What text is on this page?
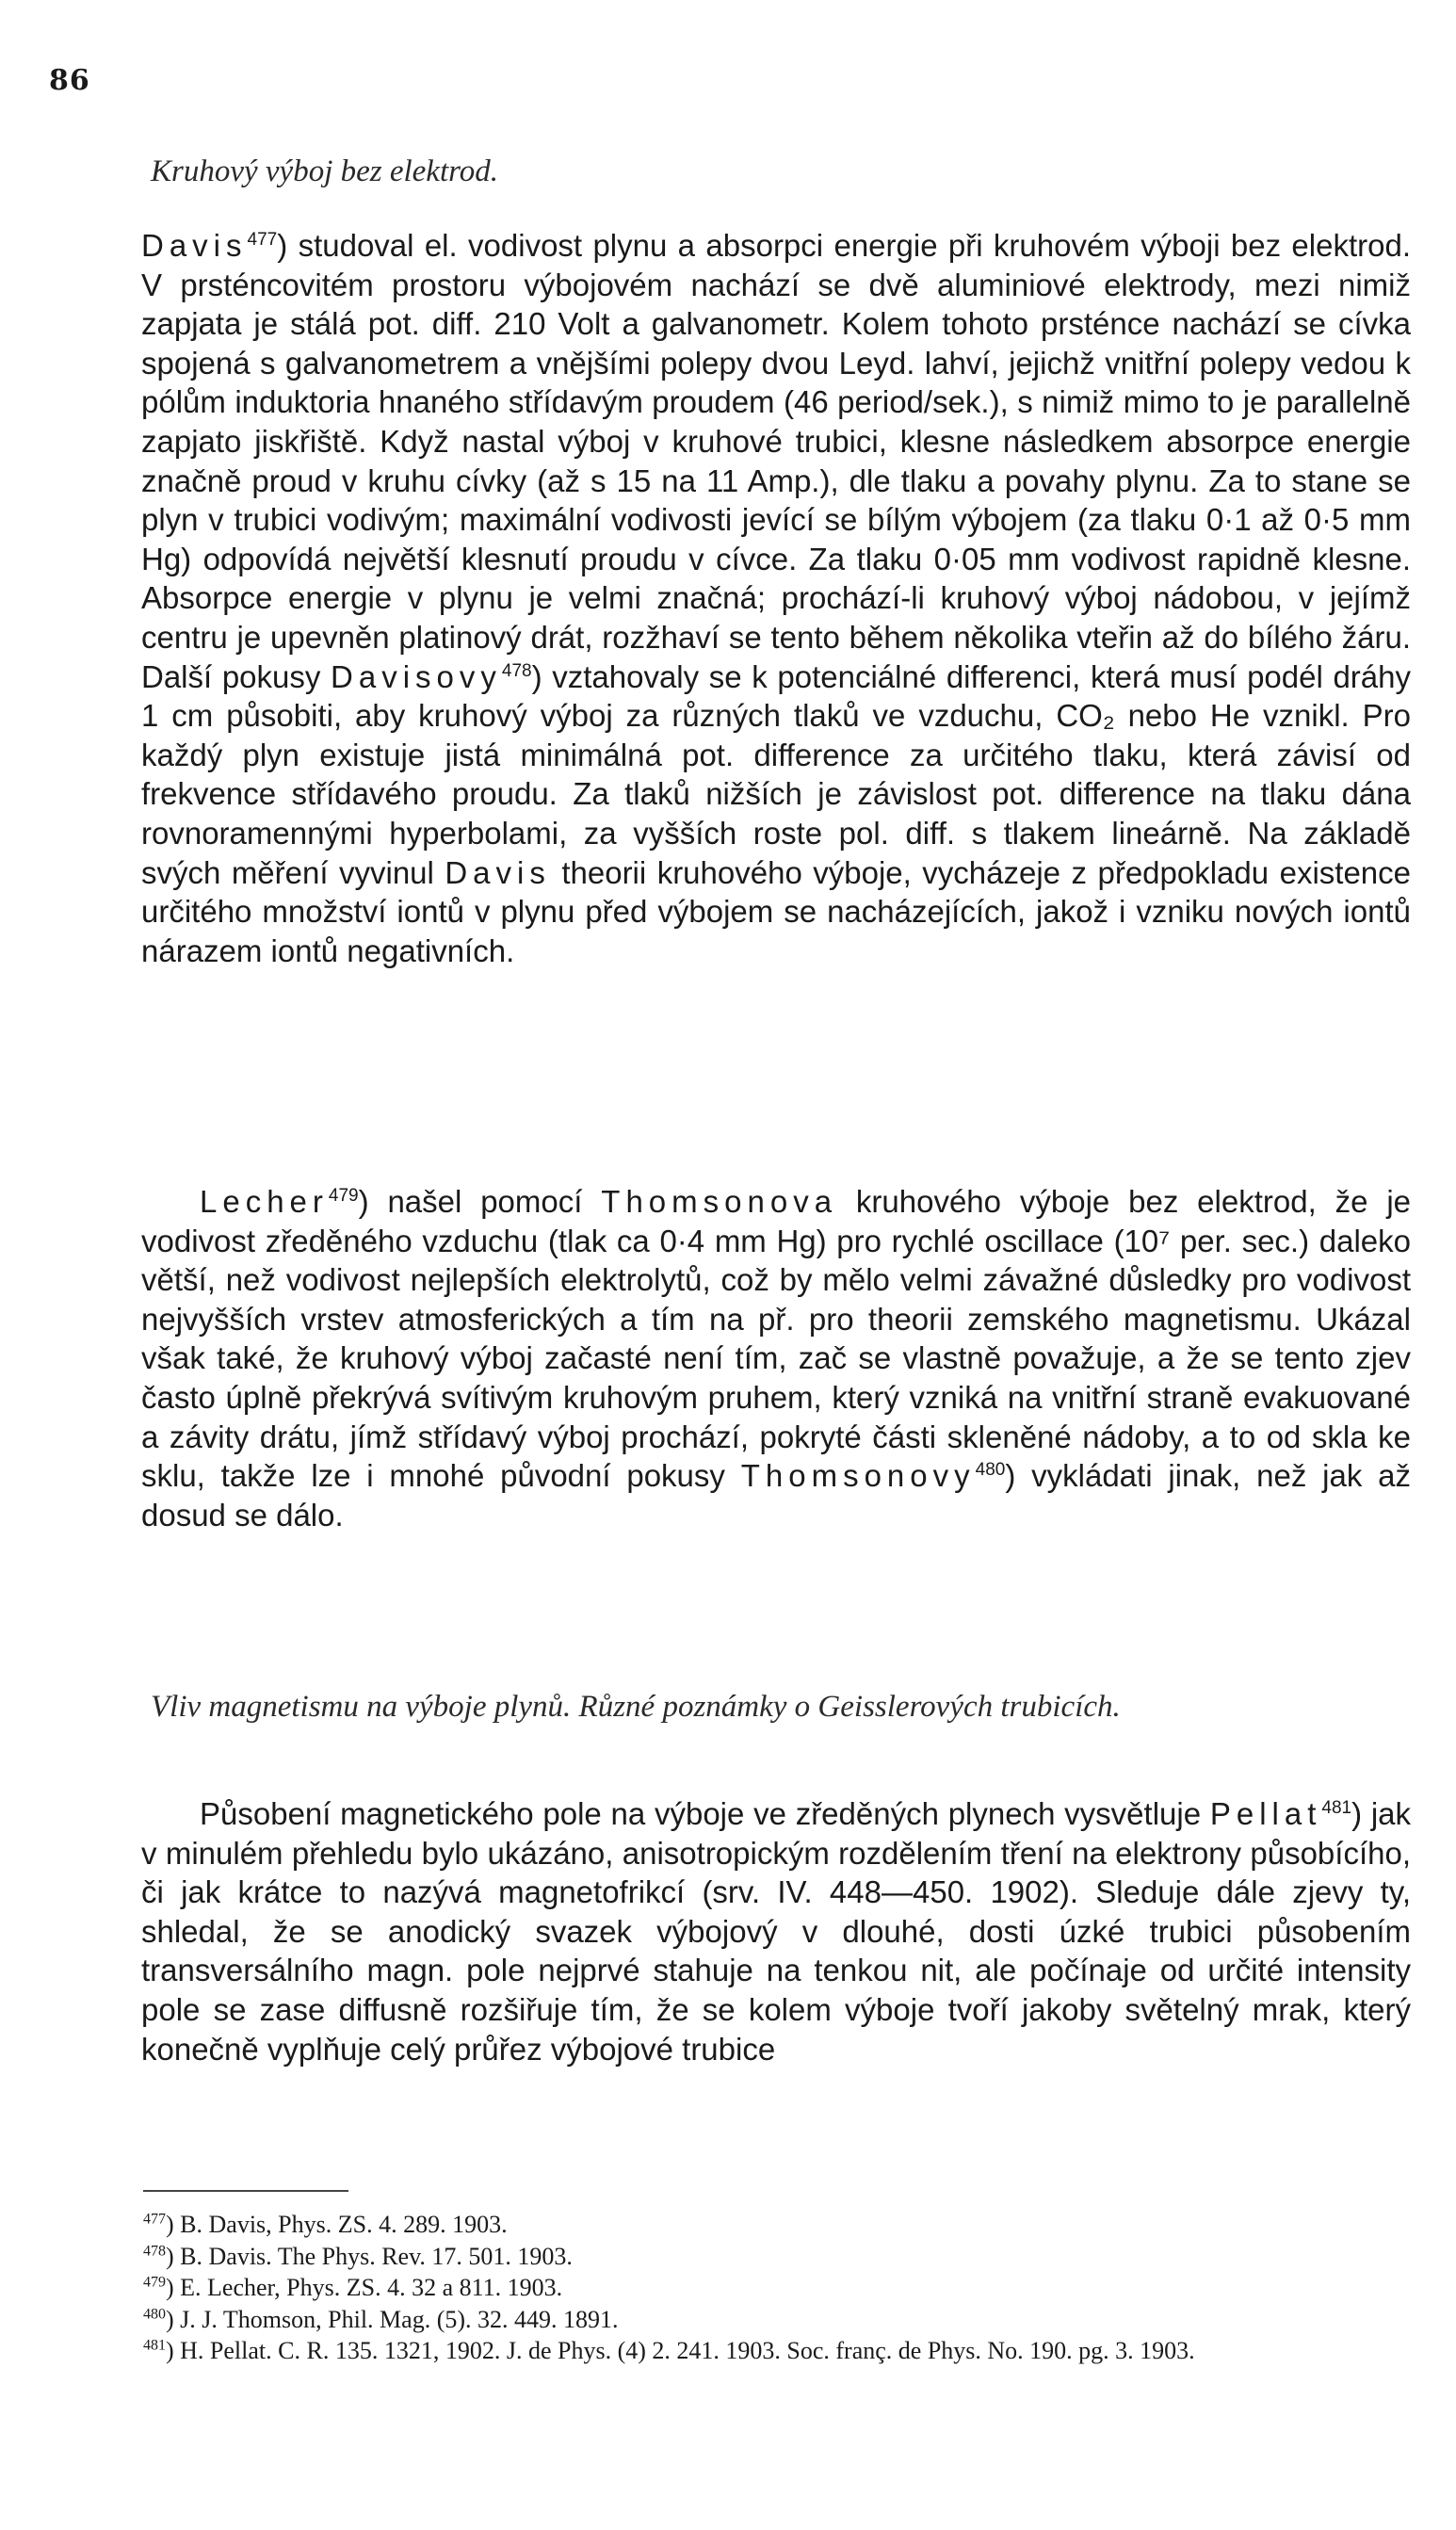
86
Kruhový výboj bez elektrod.

Davis$^{477}$) studoval el. vodivost plynu a absorpci energie při kruhovém výboji bez elektrod. V prsténcovitém prostoru výbojovém nachází se dvě aluminiové elektrody, mezi nimiž zapjata je stálá pot. diff. 210 Volt a galvanometr. Kolem tohoto prsténce nachází se cívka spojená s galvanometrem a vnějšími polepy dvou Leyd. lahví, jejichž vnitřní polepy vedou k pólům induktoria hnaného střídavým proudem (46 period/sek.), s nimiž mimo to je parallelně zapjato jiskřiště. Když nastal výboj v kruhové trubici, klesne následkem absorpce energie značně proud v kruhu cívky (až s 15 na 11 Amp.), dle tlaku a povahy plynu. Za to stane se plyn v trubici vodivým; maximální vodivosti jevící se bílým výbojem (za tlaku 0·1 až 0·5 mm Hg) odpovídá největší klesnutí proudu v cívce. Za tlaku 0·05 mm vodivost rapidně klesne. Absorpce energie v plynu je velmi značná; prochází-li kruhový výboj nádobou, v jejímž centru je upevněn platinový drát, rozžhaví se tento během několika vteřin až do bílého žáru. Další pokusy Davisovy$^{478}$) vztahovaly se k potenciálné differenci, která musí podél dráhy 1 cm působiti, aby kruhový výboj za různých tlaků ve vzduchu, CO₂ nebo He vznikl. Pro každý plyn existuje jistá minimálná pot. difference za určitého tlaku, která závisí od frekvence střídavého proudu. Za tlaků nižších je závislost pot. difference na tlaku dána rovnoramennými hyperbolami, za vyšších roste pol. diff. s tlakem lineárně. Na základě svých měření vyvinul Davis theorii kruhového výboje, vycházeje z předpokladu existence určitého množství iontů v plynu před výbojem se nacházejících, jakož i vzniku nových iontů nárazem iontů negativních.

Lecher$^{479}$) našel pomocí Thomsonova kruhového výboje bez elektrod, že je vodivost zředěného vzduchu (tlak ca 0·4 mm Hg) pro rychlé oscillace (10⁷ per. sec.) daleko větší, než vodivost nejlepších elektrolytů, což by mělo velmi závažné důsledky pro vodivost nejvyšších vrstev atmosferických a tím na př. pro theorii zemského magnetismu. Ukázal však také, že kruhový výboj začasté není tím, zač se vlastně považuje, a že se tento zjev často úplně překrývá svítivým kruhovým pruhem, který vzniká na vnitřní straně evakuované a závity drátu, jímž střídavý výboj prochází, pokryté části skleněné nádoby, a to od skla ke sklu, takže lze i mnohé původní pokusy Thomsonovy$^{480}$) vykládati jinak, než jak až dosud se dálo.

Vliv magnetismu na výboje plynů. Různé poznámky o Geisslerových trubicích.

Působení magnetického pole na výboje ve zředěných plynech vysvětluje Pellat$^{481}$) jak v minulém přehledu bylo ukázáno, anisotropickým rozdělením tření na elektrony působícího, či jak krátce to nazývá magnetofrikcí (srv. IV. 448—450. 1902). Sleduje dále zjevy ty, shledal, že se anodický svazek výbojový v dlouhé, dosti úzké trubici působením transversálního magn. pole nejprvé stahuje na tenkou nit, ale počínaje od určité intensity pole se zase diffusně rozšiřuje tím, že se kolem výboje tvoří jakoby světelný mrak, který konečně vyplňuje celý průřez výbojové trubice

$^{477}$) B. Davis, Phys. ZS. 4. 289. 1903.
$^{478}$) B. Davis. The Phys. Rev. 17. 501. 1903.
$^{479}$) E. Lecher, Phys. ZS. 4. 32 a 811. 1903.
$^{480}$) J. J. Thomson, Phil. Mag. (5). 32. 449. 1891.
$^{481}$) H. Pellat. C. R. 135. 1321, 1902. J. de Phys. (4) 2. 241. 1903. Soc. franç. de Phys. No. 190. pg. 3. 1903.
